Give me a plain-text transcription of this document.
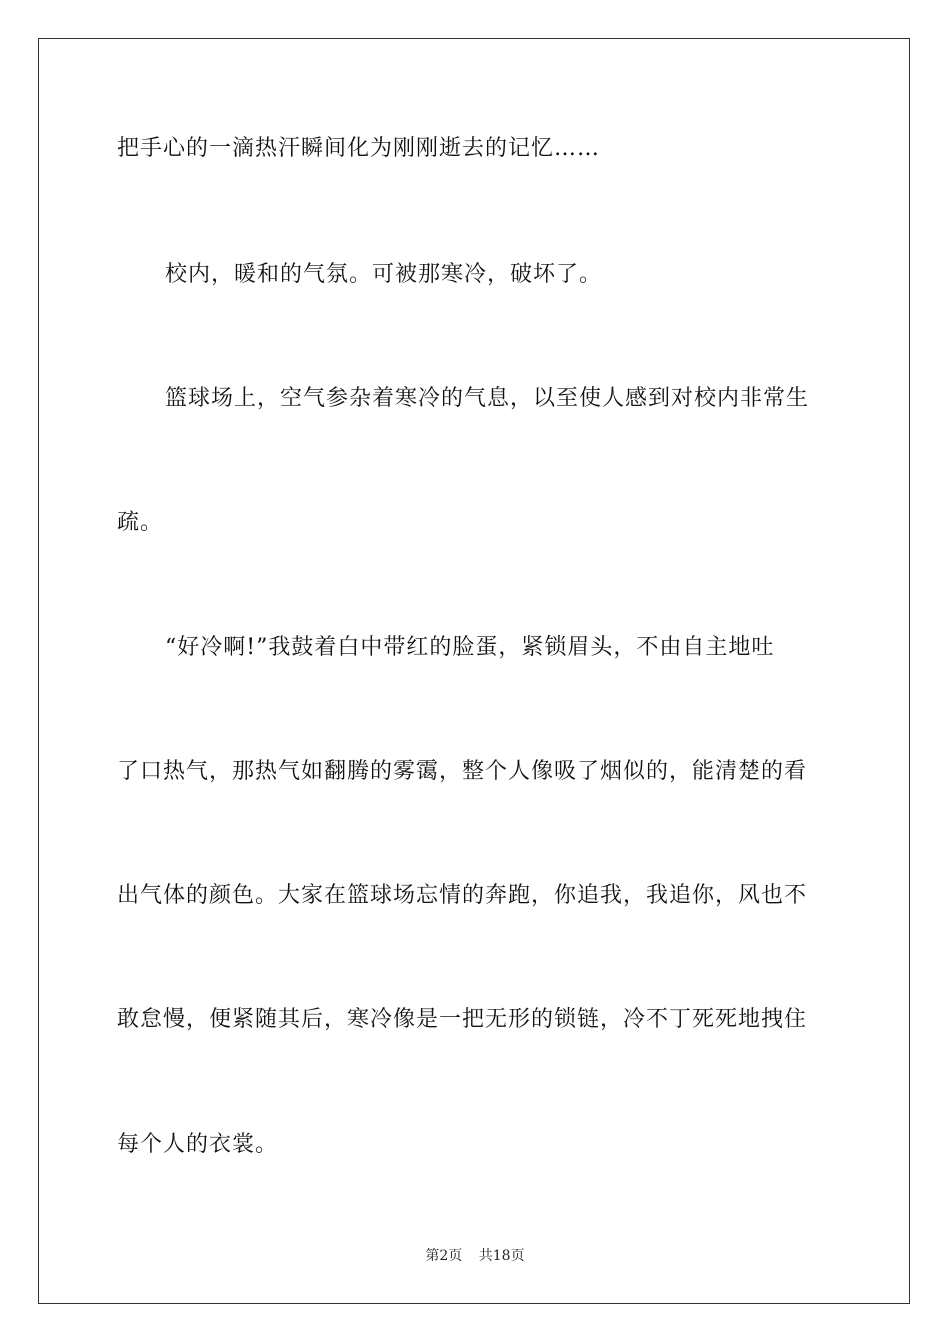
把手心的一滴热汗瞬间化为刚刚逝去的记忆……
校内，暖和的气氛。可被那寒冷，破坏了。
篮球场上，空气参杂着寒冷的气息，以至使人感到对校内非常生
疏。
“好冷啊!”我鼓着白中带红的脸蛋，紧锁眉头，不由自主地吐
了口热气，那热气如翻腾的雾霭，整个人像吸了烟似的，能清楚的看
出气体的颜色。大家在篮球场忘情的奔跑，你追我，我追你，风也不
敢怠慢，便紧随其后，寒冷像是一把无形的锁链，冷不丁死死地拽住
每个人的衣裳。
第2页 共18页
